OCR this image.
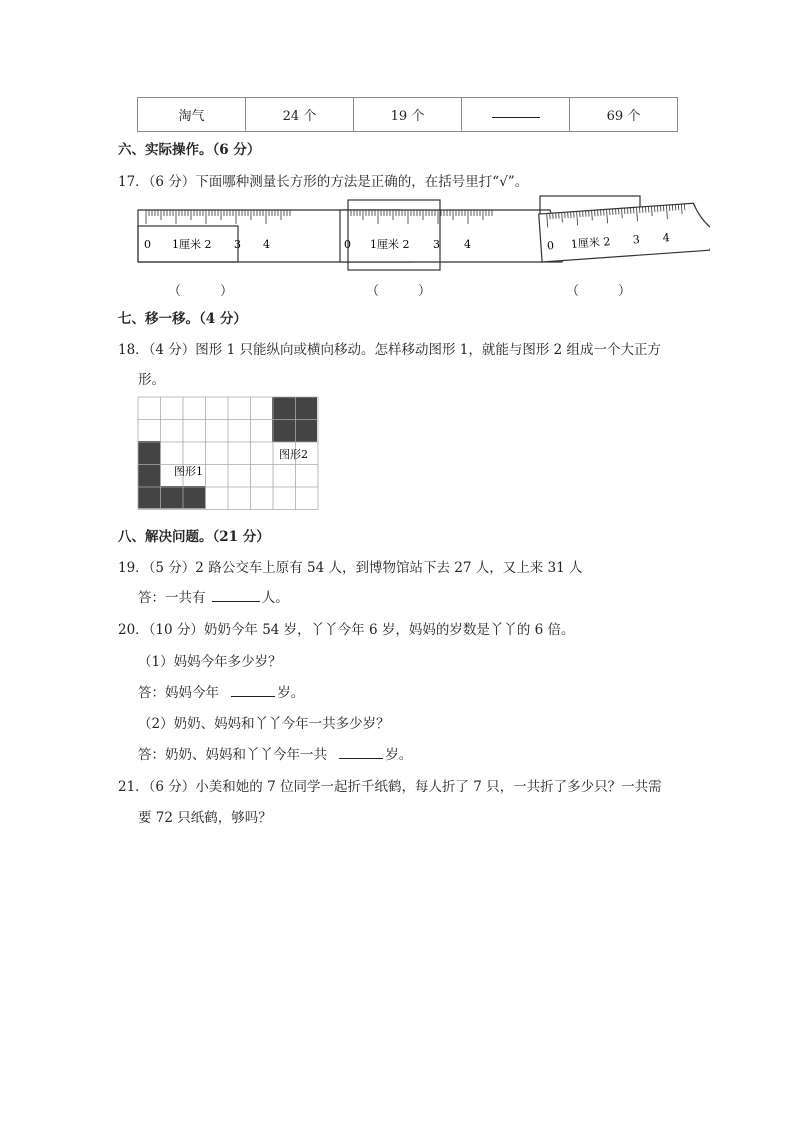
淘气	24 个	19 个		69 个
六、实际操作。（6 分）
17．（6 分）下面哪种测量长方形的方法是正确的，在括号里打“√”。
0 1厘米 2 3 4	0 1厘米 2 3 4	0 1厘米 2 3 4
（　　　）	（　　　）	（　　　）
七、移一移。（4 分）
18．（4 分）图形 1 只能纵向或横向移动。怎样移动图形 1，就能与图形 2 组成一个大正方
形。
图形1
图形2
八、解决问题。（21 分）
19．（5 分）2 路公交车上原有 54 人，到博物馆站下去 27 人，又上来 31 人
答：一共有	人。
20．（10 分）奶奶今年 54 岁，丫丫今年 6 岁，妈妈的岁数是丫丫的 6 倍。
（1）妈妈今年多少岁？
答：妈妈今年	岁。
（2）奶奶、妈妈和丫丫今年一共多少岁？
答：奶奶、妈妈和丫丫今年一共	岁。
21．（6 分）小美和她的 7 位同学一起折千纸鹤，每人折了 7 只，一共折了多少只？一共需
要 72 只纸鹤，够吗？
